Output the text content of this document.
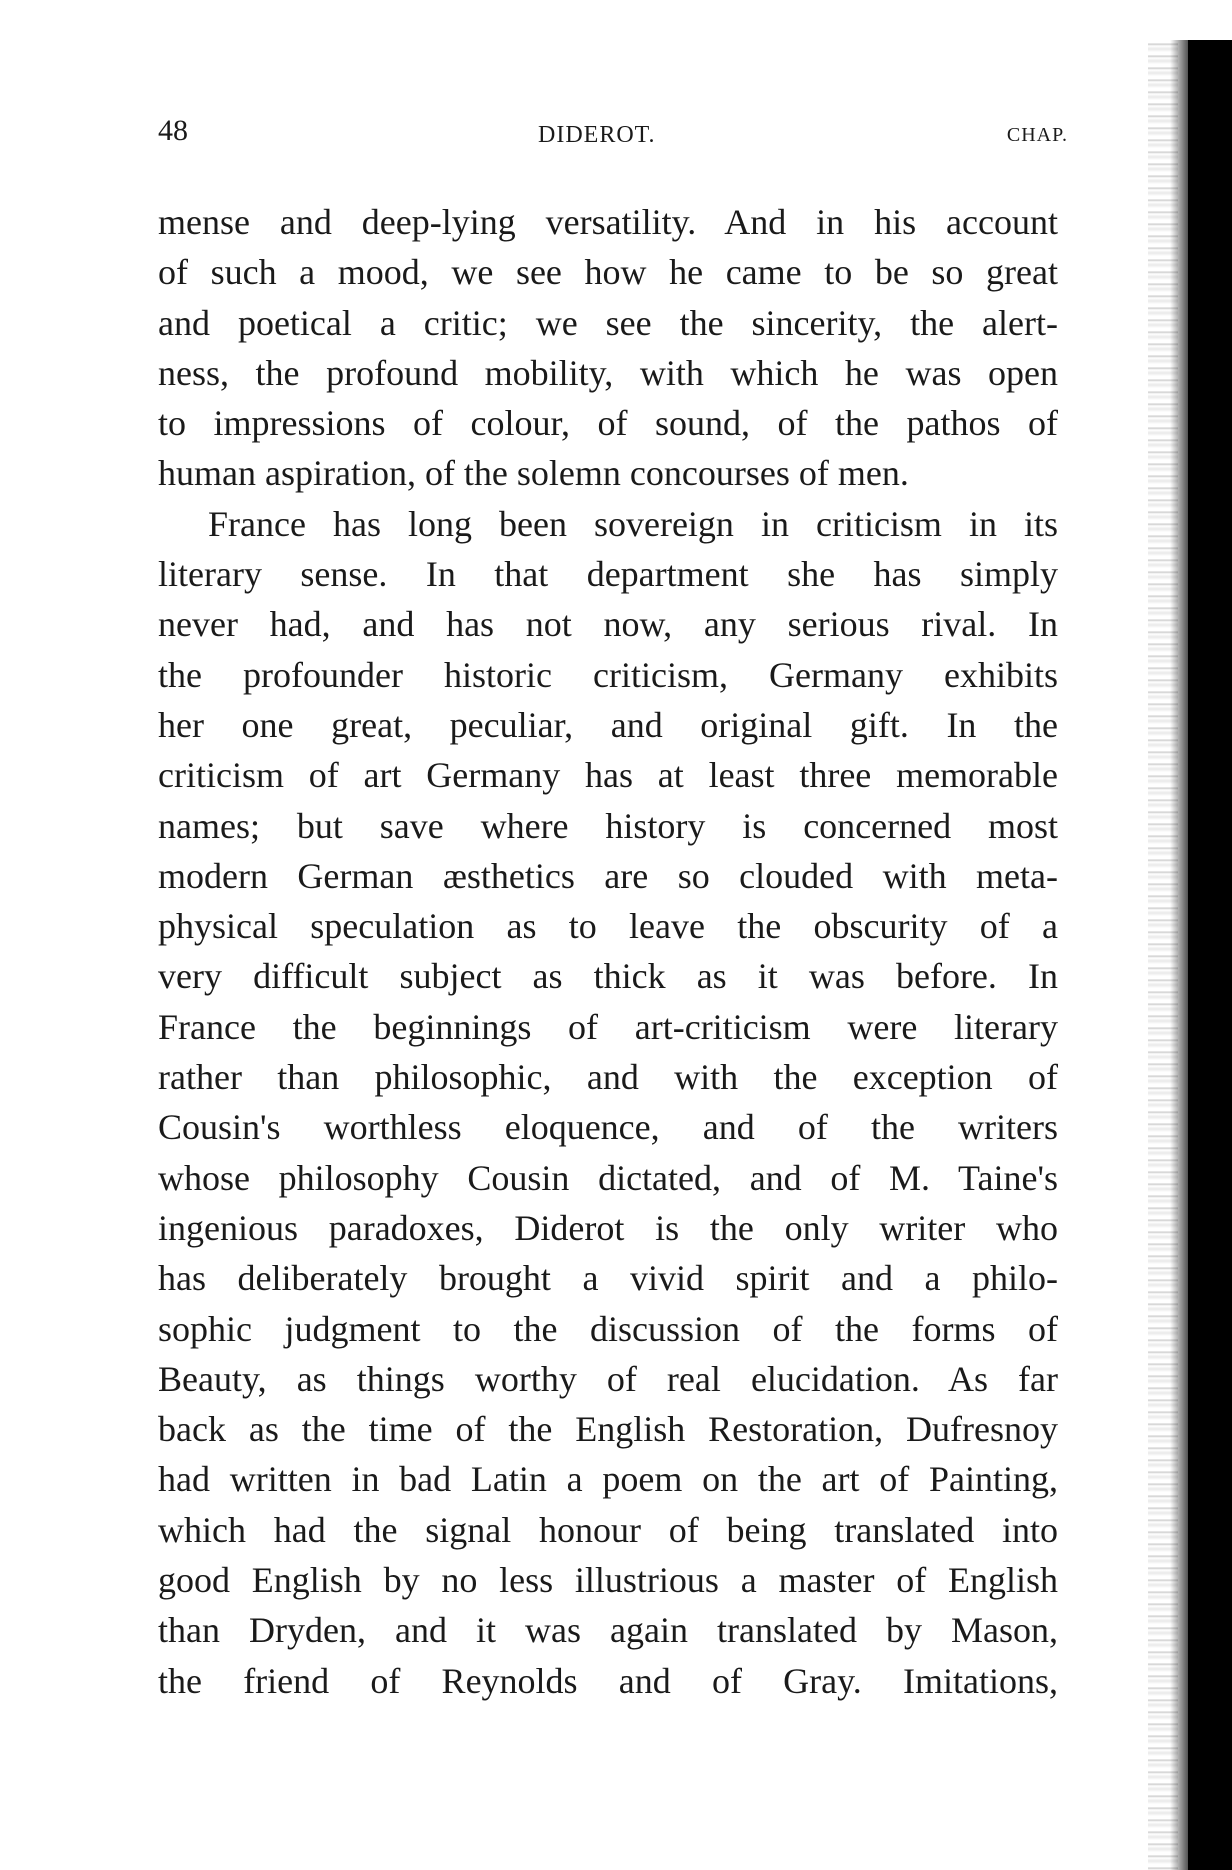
48	DIDEROT.	CHAP.
mense and deep-lying versatility. And in his account
of such a mood, we see how he came to be so great
and poetical a critic; we see the sincerity, the alert-
ness, the profound mobility, with which he was open
to impressions of colour, of sound, of the pathos of
human aspiration, of the solemn concourses of men.
France has long been sovereign in criticism in its
literary sense. In that department she has simply
never had, and has not now, any serious rival. In
the profounder historic criticism, Germany exhibits
her one great, peculiar, and original gift. In the
criticism of art Germany has at least three memorable
names; but save where history is concerned most
modern German æsthetics are so clouded with meta-
physical speculation as to leave the obscurity of a
very difficult subject as thick as it was before. In
France the beginnings of art-criticism were literary
rather than philosophic, and with the exception of
Cousin's worthless eloquence, and of the writers
whose philosophy Cousin dictated, and of M. Taine's
ingenious paradoxes, Diderot is the only writer who
has deliberately brought a vivid spirit and a philo-
sophic judgment to the discussion of the forms of
Beauty, as things worthy of real elucidation. As far
back as the time of the English Restoration, Dufresnoy
had written in bad Latin a poem on the art of Painting,
which had the signal honour of being translated into
good English by no less illustrious a master of English
than Dryden, and it was again translated by Mason,
the friend of Reynolds and of Gray. Imitations,
